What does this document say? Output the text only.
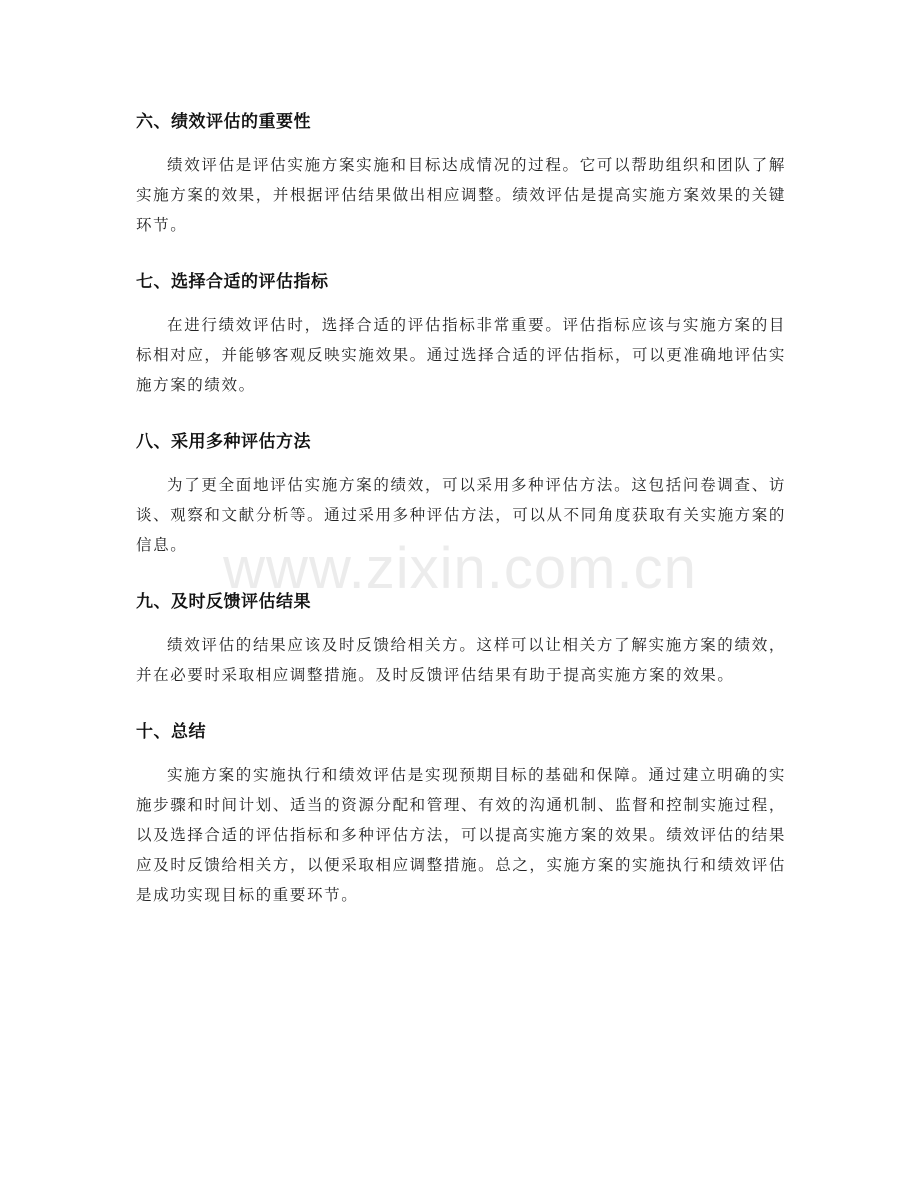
www.zixin.com.cn
六、绩效评估的重要性

绩效评估是评估实施方案实施和目标达成情况的过程。它可以帮助组织和团队了解实施方案的效果，并根据评估结果做出相应调整。绩效评估是提高实施方案效果的关键环节。

七、选择合适的评估指标

在进行绩效评估时，选择合适的评估指标非常重要。评估指标应该与实施方案的目标相对应，并能够客观反映实施效果。通过选择合适的评估指标，可以更准确地评估实施方案的绩效。

八、采用多种评估方法

为了更全面地评估实施方案的绩效，可以采用多种评估方法。这包括问卷调查、访谈、观察和文献分析等。通过采用多种评估方法，可以从不同角度获取有关实施方案的信息。

九、及时反馈评估结果

绩效评估的结果应该及时反馈给相关方。这样可以让相关方了解实施方案的绩效，并在必要时采取相应调整措施。及时反馈评估结果有助于提高实施方案的效果。

十、总结

实施方案的实施执行和绩效评估是实现预期目标的基础和保障。通过建立明确的实施步骤和时间计划、适当的资源分配和管理、有效的沟通机制、监督和控制实施过程，以及选择合适的评估指标和多种评估方法，可以提高实施方案的效果。绩效评估的结果应及时反馈给相关方，以便采取相应调整措施。总之，实施方案的实施执行和绩效评估是成功实现目标的重要环节。
